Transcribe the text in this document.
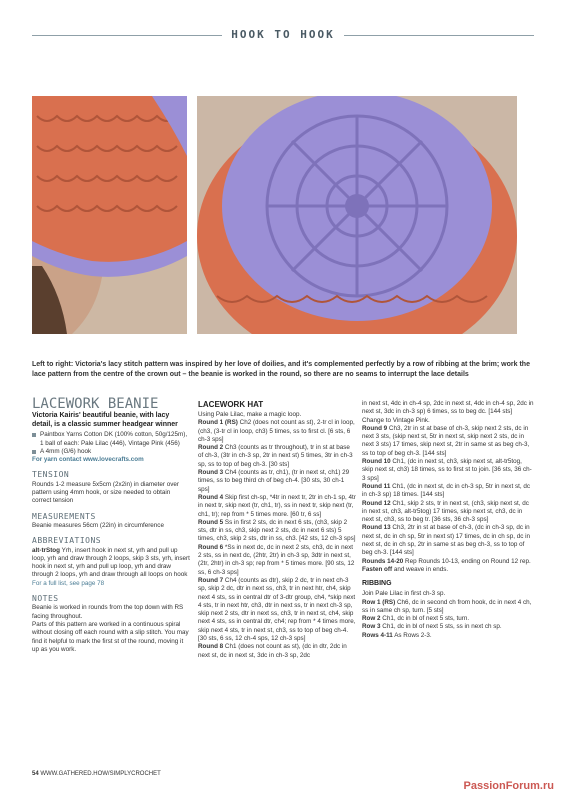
HOOK TO HOOK
Left to right: Victoria's lacy stitch pattern was inspired by her love of doilies, and it's complemented perfectly by a row of ribbing at the brim; work the lace pattern from the centre of the crown out – the beanie is worked in the round, so there are no seams to interrupt the lace details
LACEWORK BEANIE
Victoria Kairis' beautiful beanie, with lacy detail, is a classic summer headgear winner
Paintbox Yarns Cotton DK (100% cotton, 50g/125m), 1 ball of each: Pale Lilac (446), Vintage Pink (456)
A 4mm (G/6) hook
For yarn contact www.lovecrafts.com
TENSION
Rounds 1-2 measure 5x5cm (2x2in) in diameter over pattern using 4mm hook, or size needed to obtain correct tension
MEASUREMENTS
Beanie measures 56cm (22in) in circumference
ABBREVIATIONS
alt-trStog Yrh, insert hook in next st, yrh and pull up loop, yrh and draw through 2 loops, skip 3 sts, yrh, insert hook in next st, yrh and pull up loop, yrh and draw through 2 loops, yrh and draw through all loops on hook
For a full list, see page 78
NOTES
Beanie is worked in rounds from the top down with RS facing throughout.
Parts of this pattern are worked in a continuous spiral without closing off each round with a slip stitch. You may find it helpful to mark the first st of the round, moving it up as you work.
LACEWORK HAT
Using Pale Lilac, make a magic loop.
Round 1 (RS) Ch2 (does not count as st), 2-tr cl in loop, (ch3, (3-tr cl in loop, ch3) 5 times, ss to first cl. [6 sts, 6 ch-3 sps]
Round 2 Ch3 (counts as tr throughout), tr in st at base of ch-3, (3tr in ch-3 sp, 2tr in next st) 5 times, 3tr in ch-3 sp, ss to top of beg ch-3. [30 sts]
Round 3 Ch4 (counts as tr, ch1), (tr in next st, ch1) 29 times, ss to beg third ch of beg ch-4. [30 sts, 30 ch-1 sps]
Round 4 Skip first ch-sp, *4tr in next tr, 2tr in ch-1 sp, 4tr in next tr, skip next (tr, ch1, tr), ss in next tr, skip next (tr, ch1, tr); rep from * 5 times more. [60 tr, 6 ss]
Round 5 Ss in first 2 sts, dc in next 6 sts, (ch3, skip 2 sts, dtr in ss, ch3, skip next 2 sts, dc in next 6 sts) 5 times, ch3, skip 2 sts, dtr in ss, ch3. [42 sts, 12 ch-3 sps]
Round 6 *Ss in next dc, dc in next 2 sts, ch3, dc in next 2 sts, ss in next dc, (2htr, 2tr) in ch-3 sp, 3dtr in next st, (2tr, 2htr) in ch-3 sp; rep from * 5 times more. [90 sts, 12 ss, 6 ch-3 sps]
Round 7 Ch4 (counts as dtr), skip 2 dc, tr in next ch-3 sp, skip 2 dc, dtr in next ss, ch3, tr in next htr, ch4, skip next 4 sts, ss in central dtr of 3-dtr group, ch4, *skip next 4 sts, tr in next htr, ch3, dtr in next ss, tr in next ch-3 sp, skip next 2 sts, dtr in next ss, ch3, tr in next st, ch4, skip next 4 sts, ss in central dtr, ch4; rep from * 4 times more, skip next 4 sts, tr in next st, ch3, ss to top of beg ch-4. [30 sts, 6 ss, 12 ch-4 sps, 12 ch-3 sps]
Round 8 Ch1 (does not count as st), (dc in dtr, 2dc in next st, dc in next st, 3dc in ch-3 sp, 2dc
in next st, 4dc in ch-4 sp, 2dc in next st, 4dc in ch-4 sp, 2dc in next st, 3dc in ch-3 sp) 6 times, ss to beg dc. [144 sts]
Change to Vintage Pink.
Round 9 Ch3, 2tr in st at base of ch-3, skip next 2 sts, dc in next 3 sts, (skip next st, 5tr in next st, skip next 2 sts, dc in next 3 sts) 17 times, skip next st, 2tr in same st as beg ch-3, ss to top of beg ch-3. [144 sts]
Round 10 Ch1, (dc in next st, ch3, skip next st, alt-tr5tog, skip next st, ch3) 18 times, ss to first st to join. [36 sts, 36 ch-3 sps]
Round 11 Ch1, (dc in next st, dc in ch-3 sp, 5tr in next st, dc in ch-3 sp) 18 times. [144 sts]
Round 12 Ch1, skip 2 sts, tr in next st, (ch3, skip next st, dc in next st, ch3, alt-tr5tog) 17 times, skip next st, ch3, dc in next st, ch3, ss to beg tr. [36 sts, 36 ch-3 sps]
Round 13 Ch3, 2tr in st at base of ch-3, (dc in ch-3 sp, dc in next st, dc in ch sp, 5tr in next st) 17 times, dc in ch sp, dc in next st, dc in ch sp, 2tr in same st as beg ch-3, ss to top of beg ch-3. [144 sts]
Rounds 14-20 Rep Rounds 10-13, ending on Round 12 rep.
Fasten off and weave in ends.
RIBBING
Join Pale Lilac in first ch-3 sp.
Row 1 (RS) Ch6, dc in second ch from hook, dc in next 4 ch, ss in same ch sp, turn. [5 sts]
Row 2 Ch1, dc in bl of next 5 sts, turn.
Row 3 Ch1, dc in bl of next 5 sts, ss in next ch sp.
Rows 4-11 As Rows 2-3.
54 WWW.GATHERED.HOW/SIMPLYCROCHET
PassionForum.ru
